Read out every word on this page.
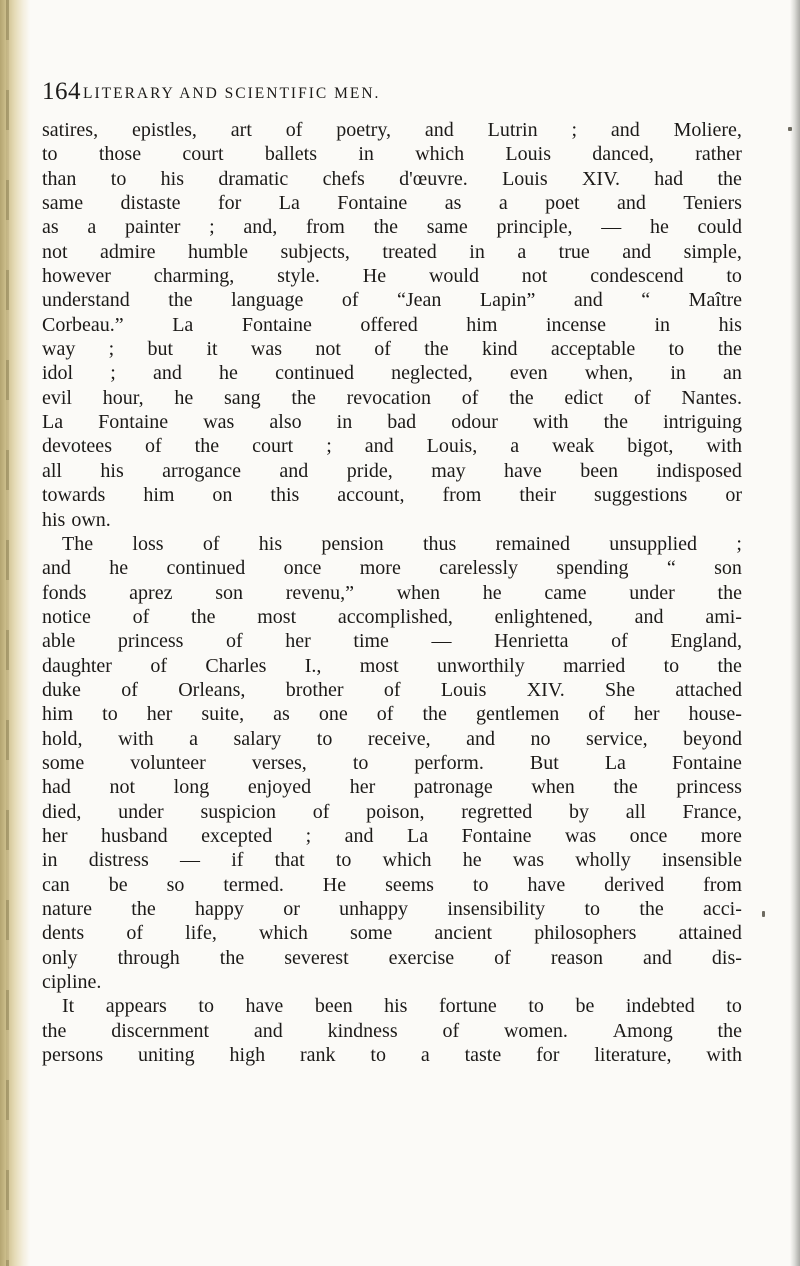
164 LITERARY AND SCIENTIFIC MEN.
satires, epistles, art of poetry, and Lutrin ; and Moliere,
to those court ballets in which Louis danced, rather
than to his dramatic chefs d'œuvre. Louis XIV. had the
same distaste for La Fontaine as a poet and Teniers
as a painter ; and, from the same principle, — he could
not admire humble subjects, treated in a true and simple,
however charming, style. He would not condescend to
understand the language of “Jean Lapin” and “ Maître
Corbeau.” La Fontaine offered him incense in his
way ; but it was not of the kind acceptable to the
idol ; and he continued neglected, even when, in an
evil hour, he sang the revocation of the edict of Nantes.
La Fontaine was also in bad odour with the intriguing
devotees of the court ; and Louis, a weak bigot, with
all his arrogance and pride, may have been indisposed
towards him on this account, from their suggestions or
his own.
The loss of his pension thus remained unsupplied ;
and he continued once more carelessly spending “ son
fonds aprez son revenu,” when he came under the
notice of the most accomplished, enlightened, and ami-
able princess of her time — Henrietta of England,
daughter of Charles I., most unworthily married to the
duke of Orleans, brother of Louis XIV. She attached
him to her suite, as one of the gentlemen of her house-
hold, with a salary to receive, and no service, beyond
some volunteer verses, to perform. But La Fontaine
had not long enjoyed her patronage when the princess
died, under suspicion of poison, regretted by all France,
her husband excepted ; and La Fontaine was once more
in distress — if that to which he was wholly insensible
can be so termed. He seems to have derived from
nature the happy or unhappy insensibility to the acci-
dents of life, which some ancient philosophers attained
only through the severest exercise of reason and dis-
cipline.
It appears to have been his fortune to be indebted to
the discernment and kindness of women. Among the
persons uniting high rank to a taste for literature, with
